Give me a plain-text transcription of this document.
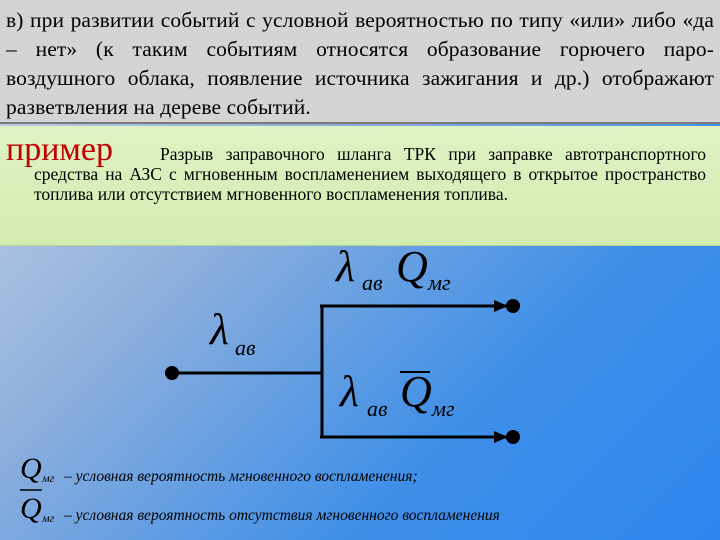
в) при развитии событий с условной вероятностью по типу «или» либо «да – нет» (к таким событиям относятся образование горючего паро-воздушного облака, появление источника зажигания и др.) отображают разветвления на дереве событий.

пример	Разрыв заправочного шланга ТРК при заправке автотранспортного средства на АЗС с мгновенным воспламенением выходящего в открытое пространство топлива или отсутствием мгновенного воспламенения топлива.
λ ав Q мг
λ ав
λ ав Q мг
Q мг
Q мг
– условная вероятность мгновенного воспламенения;
– условная вероятность отсутствия мгновенного воспламенения
